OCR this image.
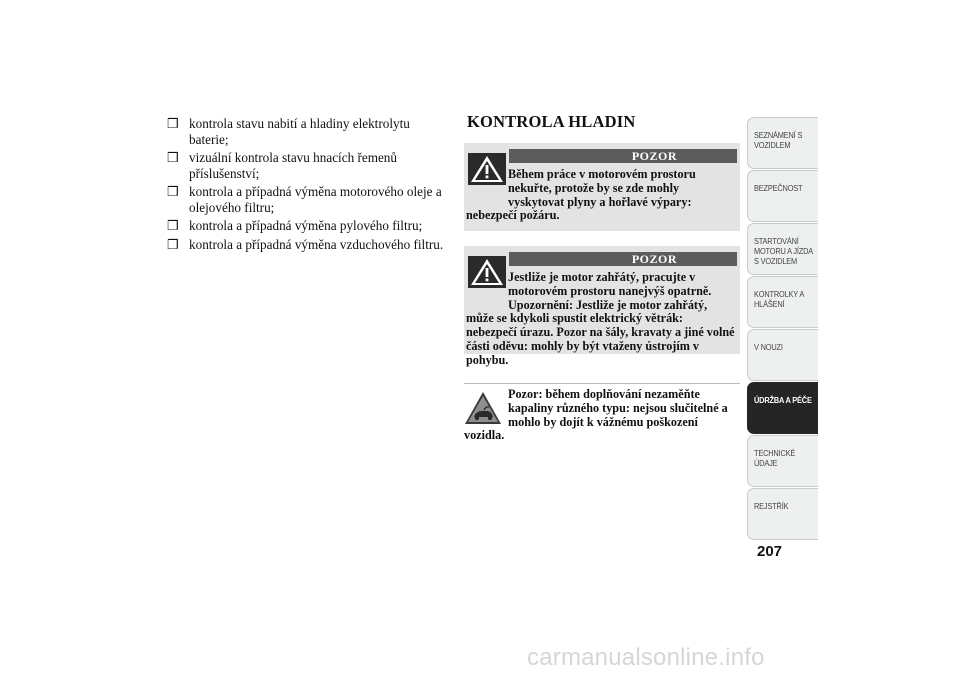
❒ kontrola stavu nabití a hladiny elektrolytu baterie;
❒ vizuální kontrola stavu hnacích řemenů příslušenství;
❒ kontrola a případná výměna motorového oleje a olejového filtru;
❒ kontrola a případná výměna pylového filtru;
❒ kontrola a případná výměna vzduchového filtru.
KONTROLA HLADIN
POZOR
Během práce v motorovém prostoru nekuřte, protože by se zde mohly vyskytovat plyny a hořlavé výpary: nebezpečí požáru.
POZOR
Jestliže je motor zahřátý, pracujte v motorovém prostoru nanejvýš opatrně. Upozornění: Jestliže je motor zahřátý, může se kdykoli spustit elektrický větrák: nebezpečí úrazu. Pozor na šály, kravaty a jiné volné části oděvu: mohly by být vtaženy ústrojím v pohybu.
Pozor: během doplňování nezaměňte kapaliny různého typu: nejsou slučitelné a mohlo by dojít k vážnému poškození vozidla.
SEZNÁMENÍ S VOZIDLEM
BEZPEČNOST
STARTOVÁNÍ MOTORU A JÍZDA S VOZIDLEM
KONTROLKY A HLÁŠENÍ
V NOUZI
ÚDRŽBA A PÉČE
TECHNICKÉ ÚDAJE
REJSTŘÍK
207
carmanualsonline.info
